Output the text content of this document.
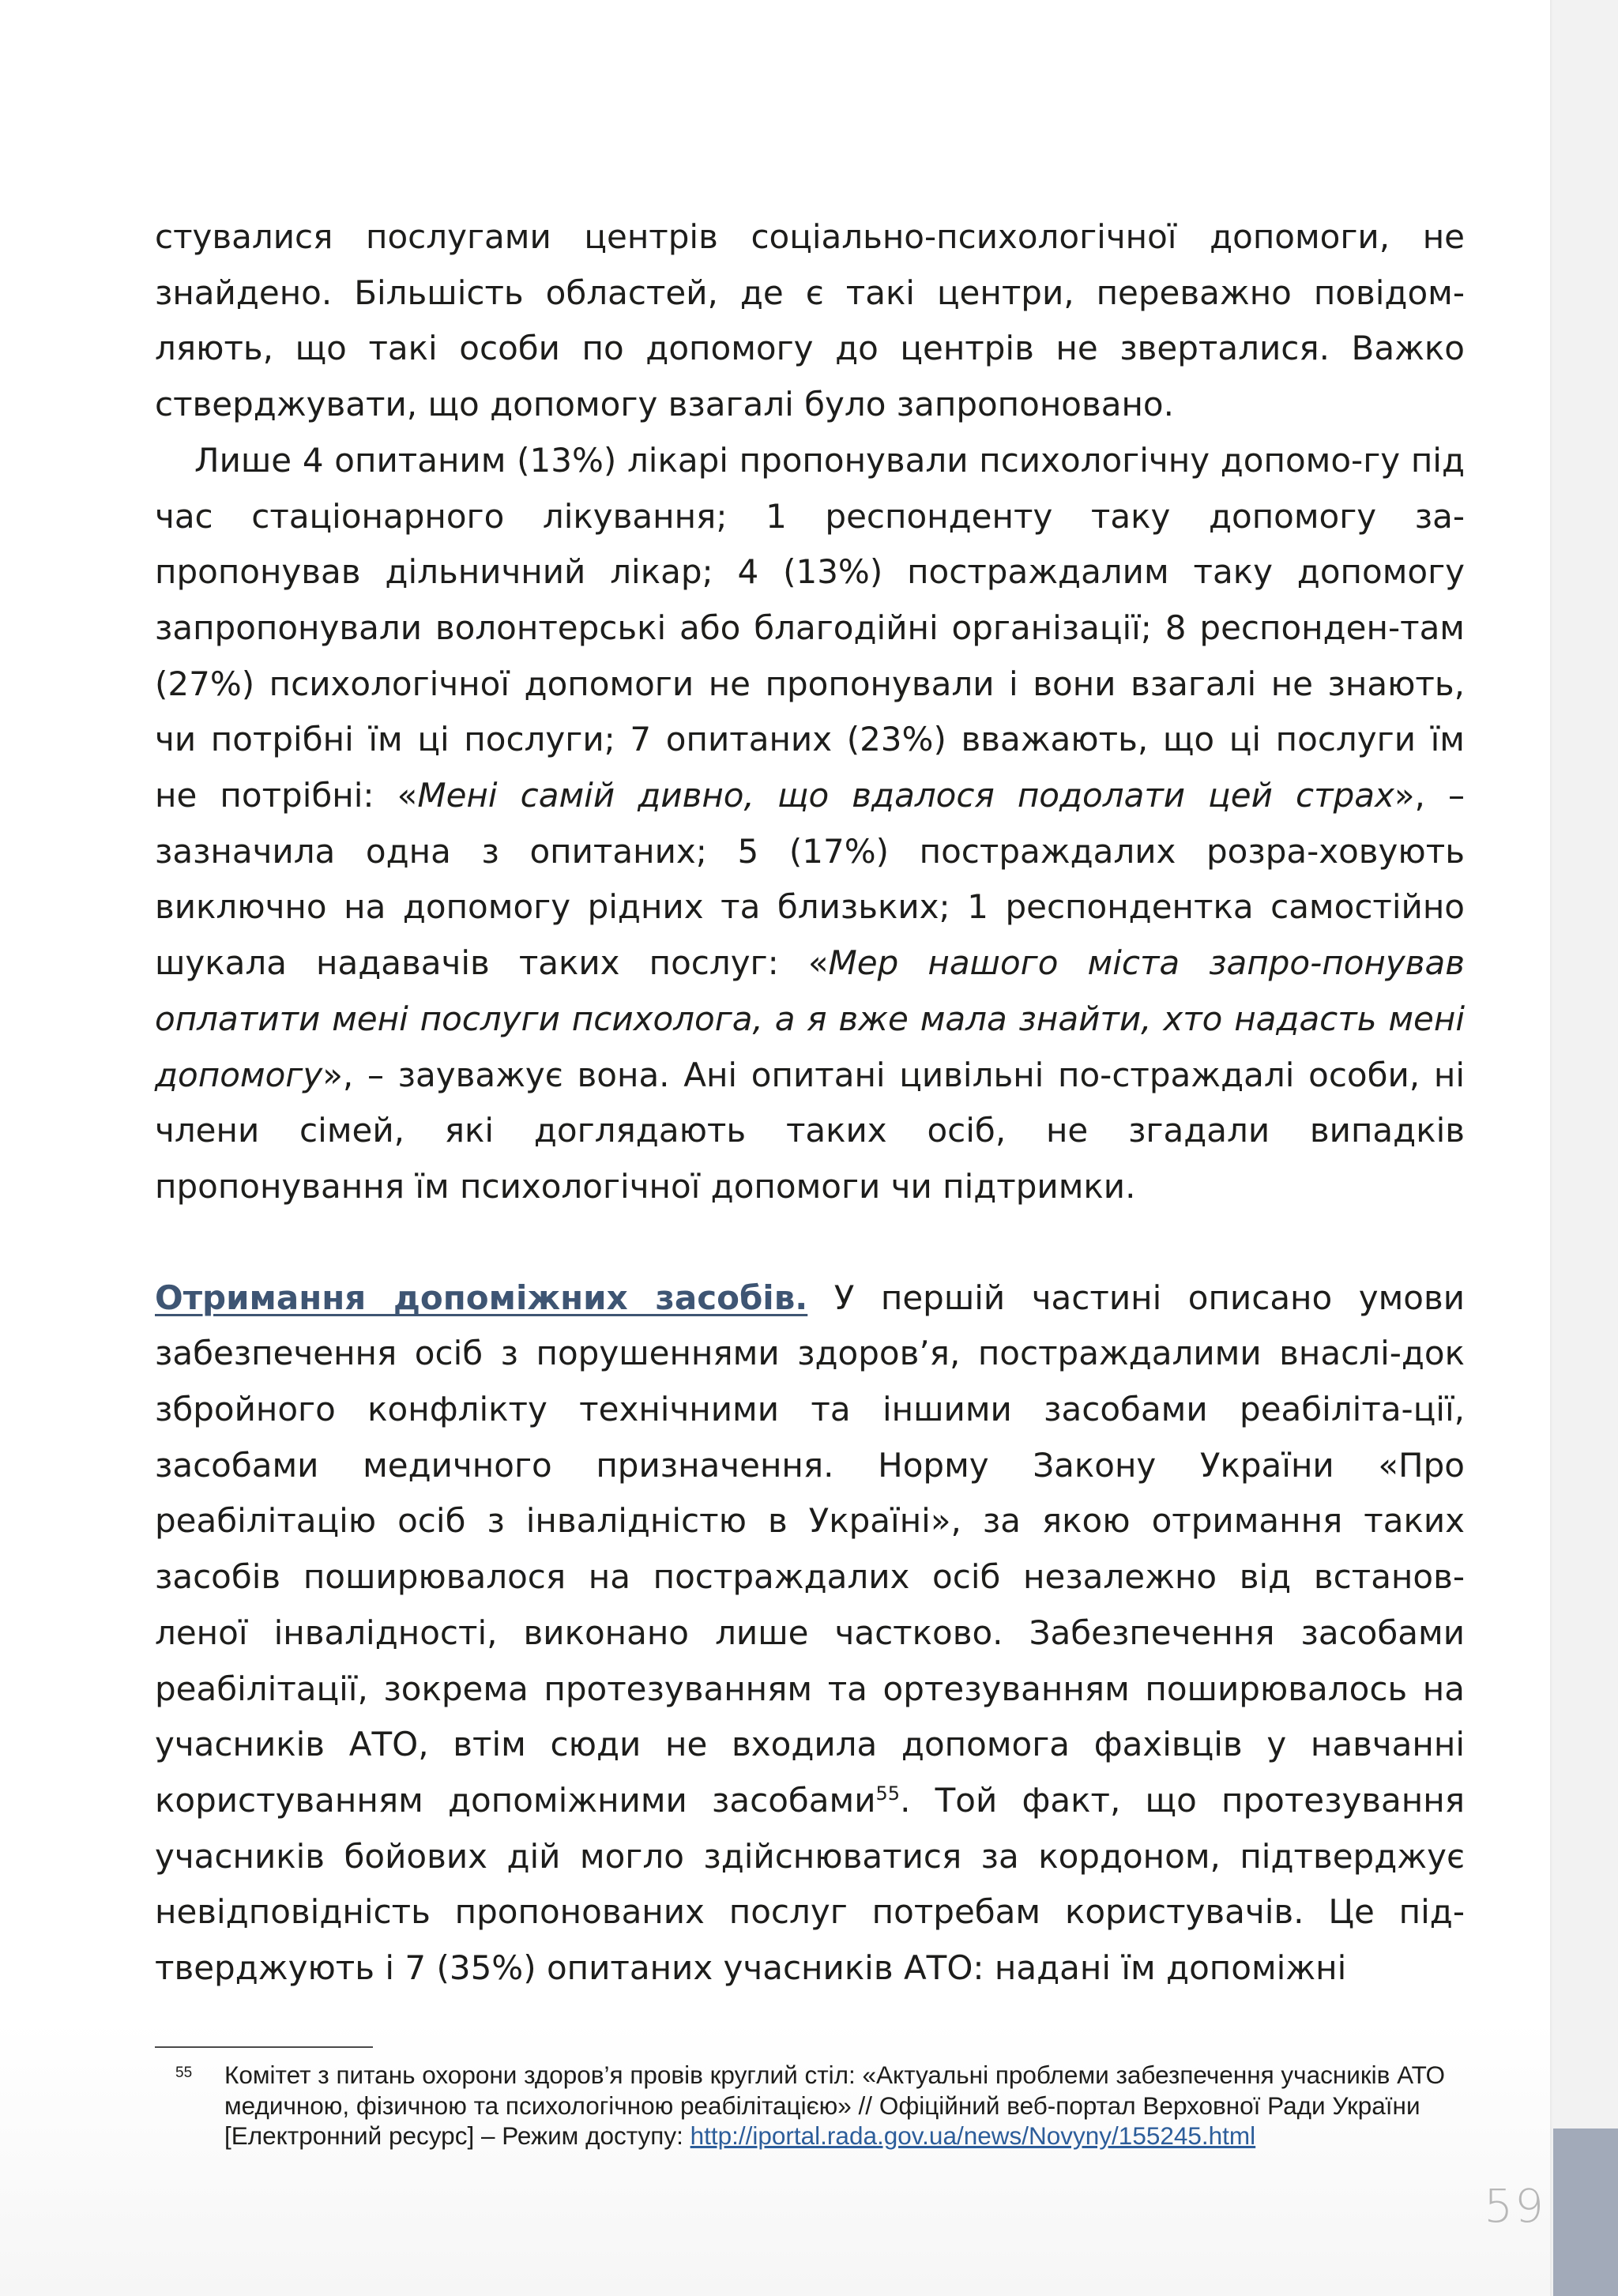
стувалися послугами центрів соціально-психологічної допомоги, не знайдено. Більшість областей, де є такі центри, переважно повідом-ляють, що такі особи по допомогу до центрів не зверталися. Важко стверджувати, що допомогу взагалі було запропоновано.

Лише 4 опитаним (13%) лікарі пропонували психологічну допомо-гу під час стаціонарного лікування; 1 респонденту таку допомогу за-пропонував дільничний лікар; 4 (13%) постраждалим таку допомогу запропонували волонтерські або благодійні організації; 8 респонден-там (27%) психологічної допомоги не пропонували і вони взагалі не знають, чи потрібні їм ці послуги; 7 опитаних (23%) вважають, що ці послуги їм не потрібні: «Мені самій дивно, що вдалося подолати цей страх», – зазначила одна з опитаних; 5 (17%) постраждалих розра-ховують виключно на допомогу рідних та близьких; 1 респондентка самостійно шукала надавачів таких послуг: «Мер нашого міста запро-понував оплатити мені послуги психолога, а я вже мала знайти, хто надасть мені допомогу», – зауважує вона. Ані опитані цивільні по-страждалі особи, ні члени сімей, які доглядають таких осіб, не згадали випадків пропонування їм психологічної допомоги чи підтримки.

Отримання допоміжних засобів. У першій частині описано умови забезпечення осіб з порушеннями здоров’я, постраждалими внаслі-док збройного конфлікту технічними та іншими засобами реабіліта-ції, засобами медичного призначення. Норму Закону України «Про реабілітацію осіб з інвалідністю в Україні», за якою отримання таких засобів поширювалося на постраждалих осіб незалежно від встанов-леної інвалідності, виконано лише частково. Забезпечення засобами реабілітації, зокрема протезуванням та ортезуванням поширювалось на учасників АТО, втім сюди не входила допомога фахівців у навчанні користуванням допоміжними засобами$^{55}$. Той факт, що протезування учасників бойових дій могло здійснюватися за кордоном, підтверджує невідповідність пропонованих послуг потребам користувачів. Це під-тверджують і 7 (35%) опитаних учасників АТО: надані їм допоміжні

55	Комітет з питань охорони здоров’я провів круглий стіл: «Актуальні проблеми забезпечення учасників АТО медичною, фізичною та психологічною реабілітацією» // Офіційний веб-портал Верховної Ради України [Електронний ресурс] – Режим доступу: http://iportal.rada.gov.ua/news/Novyny/155245.html
59
